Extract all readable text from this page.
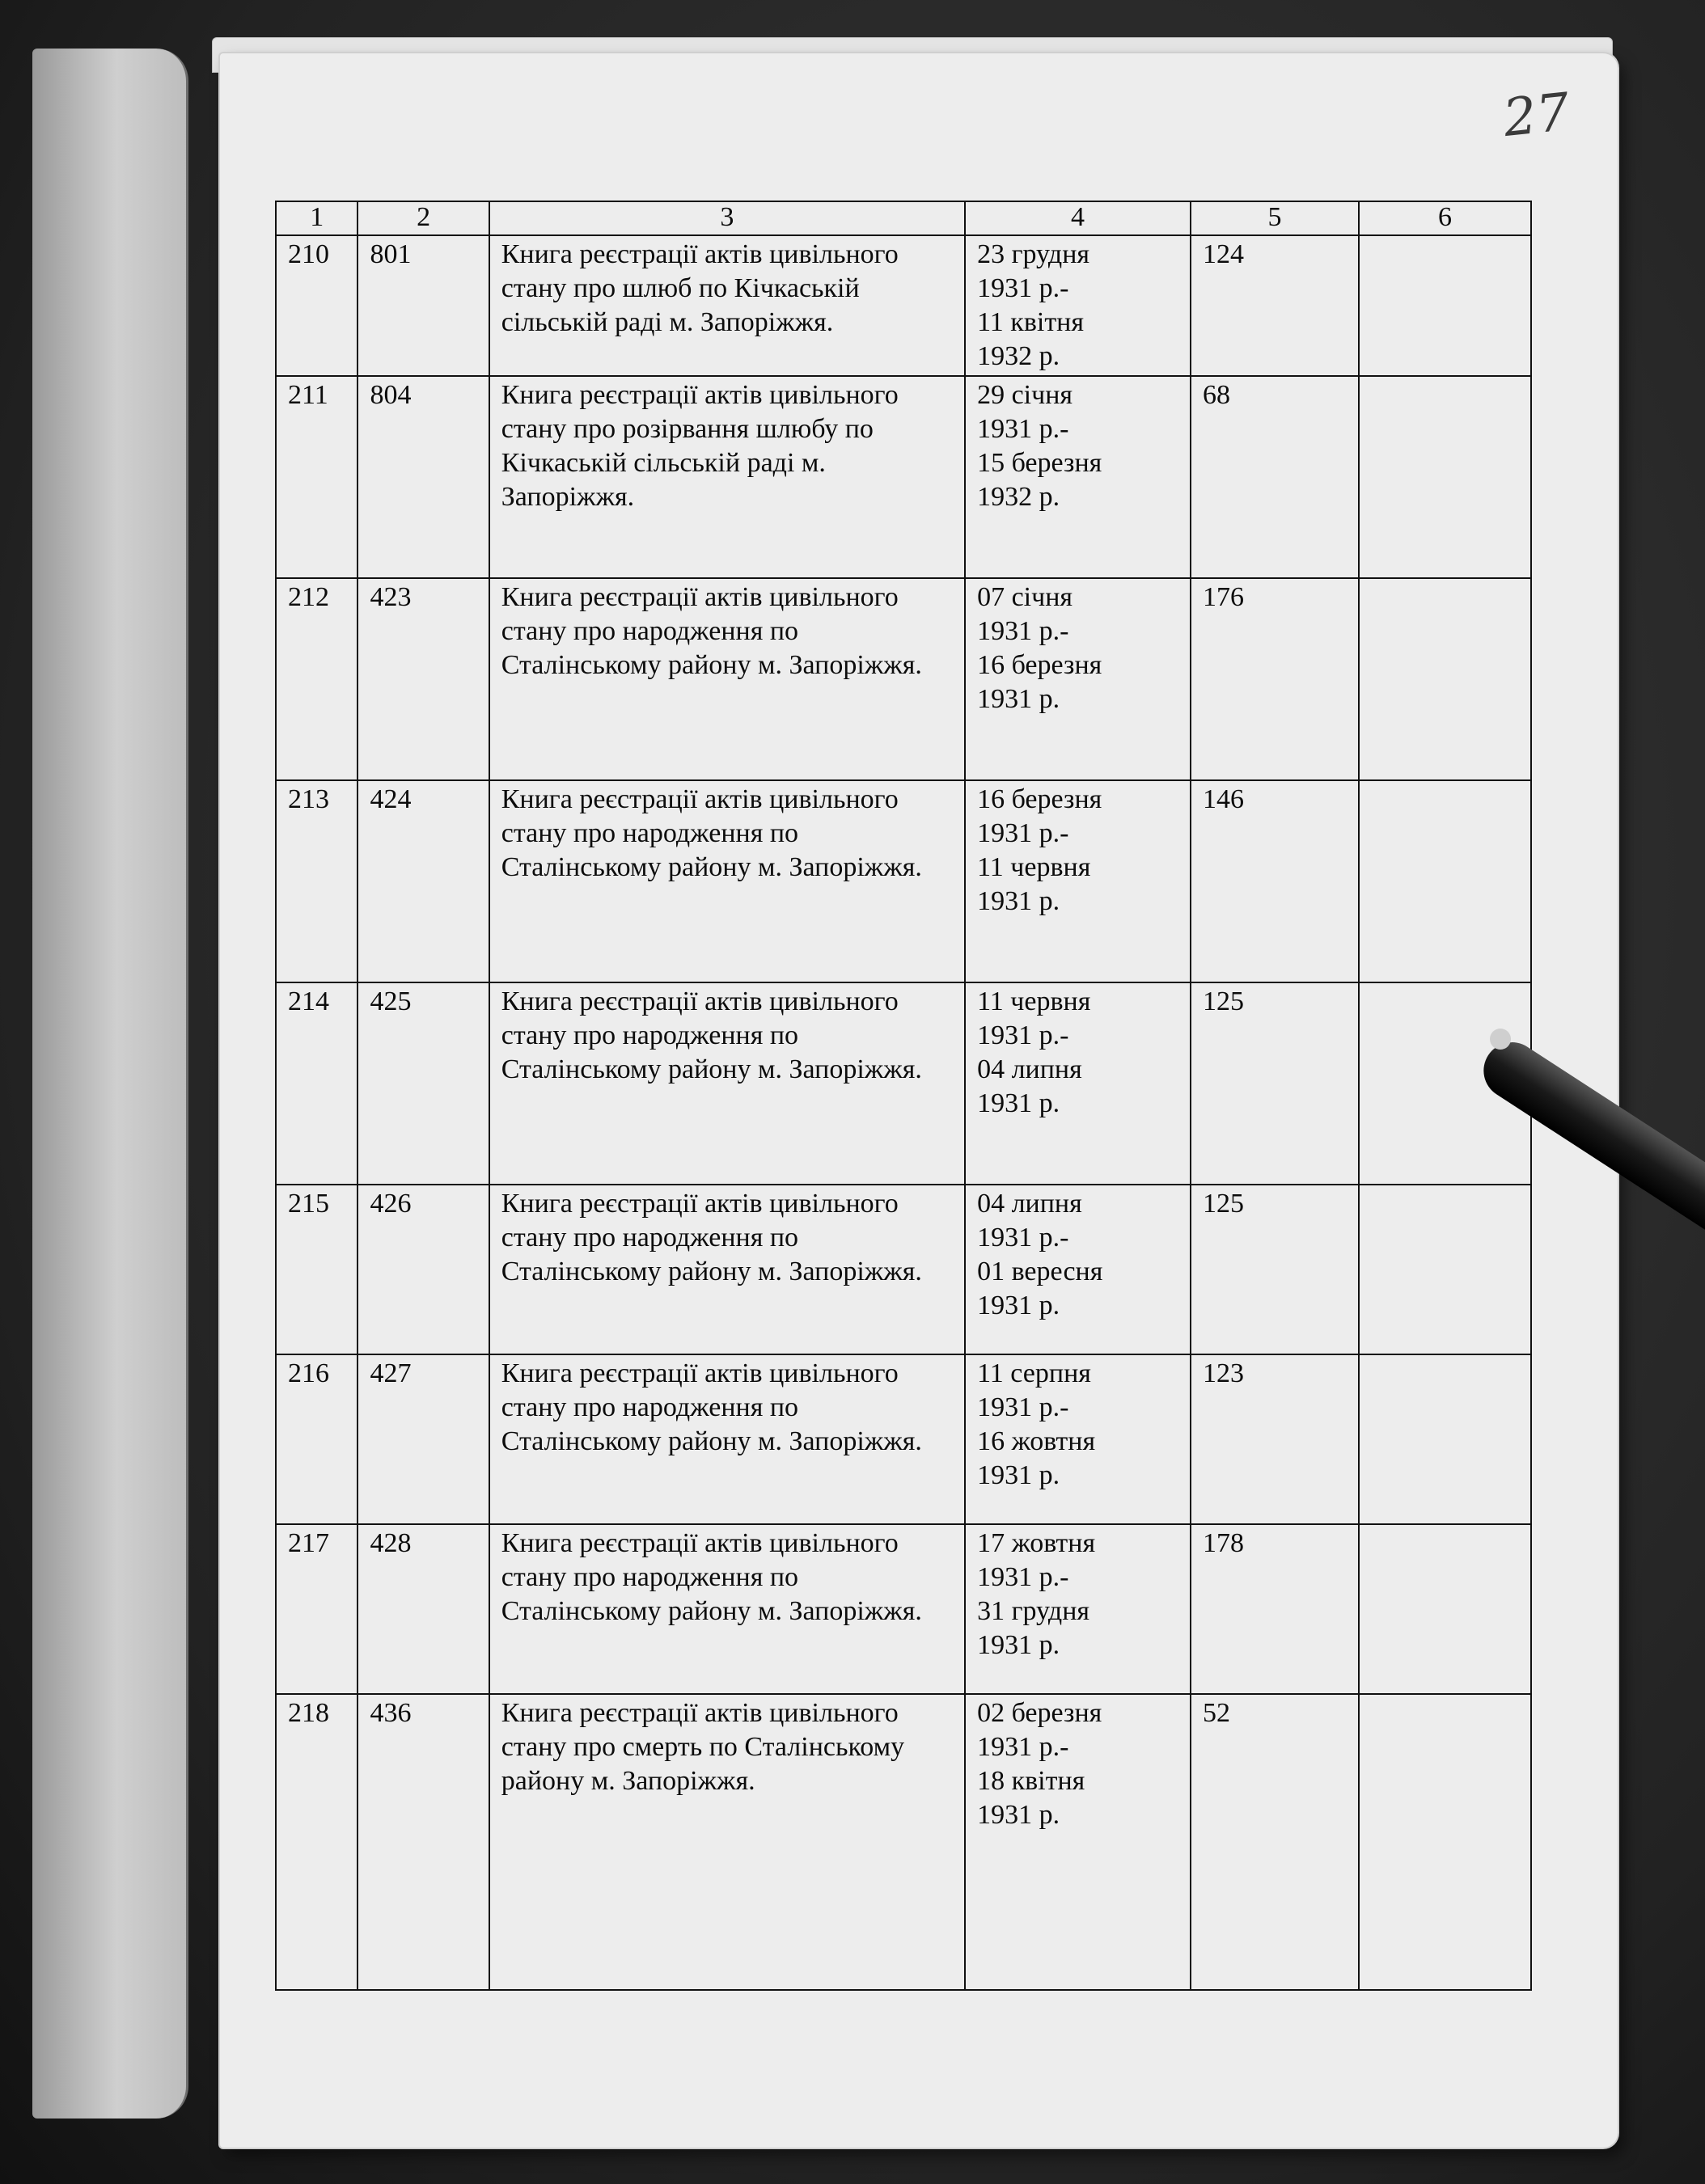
27
1	2	3	4	5	6
210	801	Книга реєстрації актів цивільного стану про шлюб по Кічкаській сільській раді м. Запоріжжя.	23 грудня
1931 р.-
11 квітня
1932 р.	124	
211	804	Книга реєстрації актів цивільного стану про розірвання шлюбу по Кічкаській сільській раді м. Запоріжжя.	29 січня
1931 р.-
15 березня
1932 р.	68	
212	423	Книга реєстрації актів цивільного стану про народження по Сталінському району м. Запоріжжя.	07 січня
1931 р.-
16 березня
1931 р.	176	
213	424	Книга реєстрації актів цивільного стану про народження по Сталінському району м. Запоріжжя.	16 березня
1931 р.-
11 червня
1931 р.	146	
214	425	Книга реєстрації актів цивільного стану про народження по Сталінському району м. Запоріжжя.	11 червня
1931 р.-
04 липня
1931 р.	125	
215	426	Книга реєстрації актів цивільного стану про народження по Сталінському району м. Запоріжжя.	04 липня
1931 р.-
01 вересня
1931 р.	125	
216	427	Книга реєстрації актів цивільного стану про народження по Сталінському району м. Запоріжжя.	11 серпня
1931 р.-
16 жовтня
1931 р.	123	
217	428	Книга реєстрації актів цивільного стану про народження по Сталінському району м. Запоріжжя.	17 жовтня
1931 р.-
31 грудня
1931 р.	178	
218	436	Книга реєстрації актів цивільного стану про смерть по Сталінському району м. Запоріжжя.	02 березня
1931 р.-
18 квітня
1931 р.	52	
